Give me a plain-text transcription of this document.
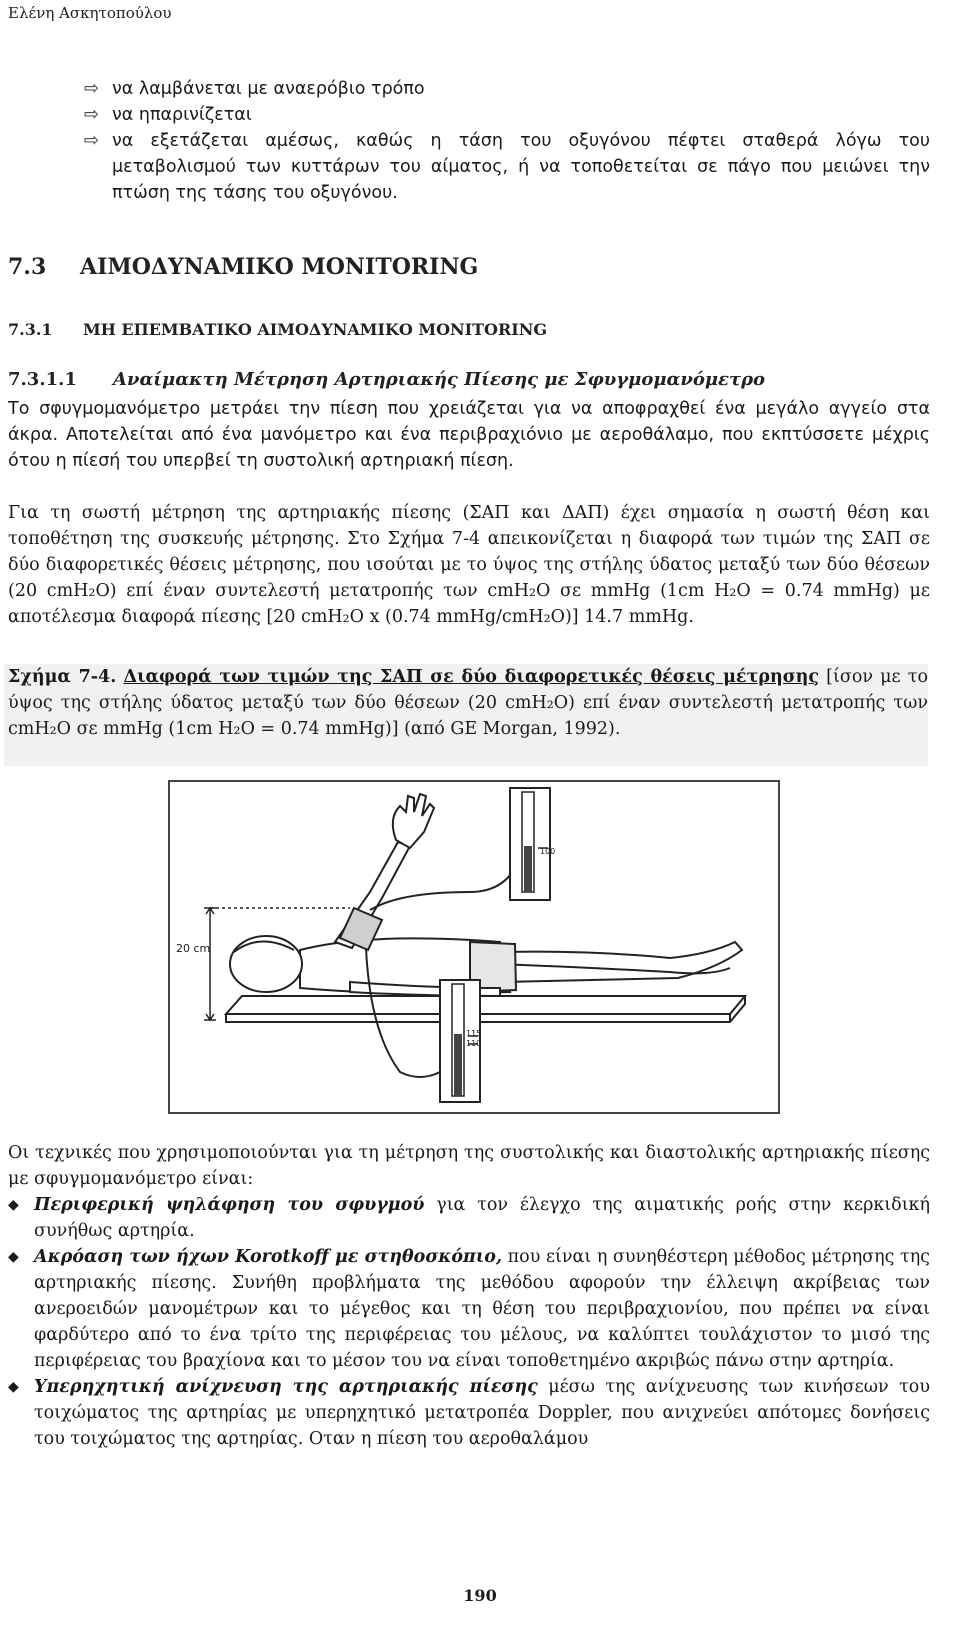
Ελένη Ασκητοπούλου
⇨ να λαμβάνεται με αναερόβιο τρόπο
⇨ να ηπαρινίζεται
⇨ να εξετάζεται αμέσως, καθώς η τάση του οξυγόνου πέφτει σταθερά λόγω του μεταβολισμού των κυττάρων του αίματος, ή να τοποθετείται σε πάγο που μειώνει την πτώση της τάσης του οξυγόνου.
7.3 ΑΙΜΟΔΥΝΑΜΙΚΟ MONITORING
7.3.1 ΜΗ ΕΠΕΜΒΑΤΙΚΟ ΑΙΜΟΔΥΝΑΜΙΚΟ MONITORING
7.3.1.1 Αναίμακτη Μέτρηση Αρτηριακής Πίεσης με Σφυγμομανόμετρο

Το σφυγμομανόμετρο μετράει την πίεση που χρειάζεται για να αποφραχθεί ένα μεγάλο αγγείο στα άκρα. Αποτελείται από ένα μανόμετρο και ένα περιβραχιόνιο με αεροθάλαμο, που εκπτύσσετε μέχρις ότου η πίεσή του υπερβεί τη συστολική αρτηριακή πίεση.

Για τη σωστή μέτρηση της αρτηριακής πίεσης (ΣΑΠ και ΔΑΠ) έχει σημασία η σωστή θέση και τοποθέτηση της συσκευής μέτρησης. Στο Σχήμα 7-4 απεικονίζεται η διαφορά των τιμών της ΣΑΠ σε δύο διαφορετικές θέσεις μέτρησης, που ισούται με το ύψος της στήλης ύδατος μεταξύ των δύο θέσεων (20 cmH₂O) επί έναν συντελεστή μετατροπής των cmH₂O σε mmHg (1cm H₂O = 0.74 mmHg) με αποτέλεσμα διαφορά πίεσης [20 cmH₂O x (0.74 mmHg/cmH₂O)] 14.7 mmHg.

Σχήμα 7-4. Διαφορά των τιμών της ΣΑΠ σε δύο διαφορετικές θέσεις μέτρησης [ίσον με το ύψος της στήλης ύδατος μεταξύ των δύο θέσεων (20 cmH₂O) επί έναν συντελεστή μετατροπής των cmH₂O σε mmHg (1cm H₂O = 0.74 mmHg)] (από GE Morgan, 1992).
100
115
110
20 cm

Οι τεχνικές που χρησιμοποιούνται για τη μέτρηση της συστολικής και διαστολικής αρτηριακής πίεσης με σφυγμομανόμετρο είναι:

◆ Περιφερική ψηλάφηση του σφυγμού για τον έλεγχο της αιματικής ροής στην κερκιδική συνήθως αρτηρία.
◆ Ακρόαση των ήχων Korotkoff με στηθοσκόπιο, που είναι η συνηθέστερη μέθοδος μέτρησης της αρτηριακής πίεσης. Συνήθη προβλήματα της μεθόδου αφορούν την έλλειψη ακρίβειας των ανεροειδών μανομέτρων και το μέγεθος και τη θέση του περιβραχιονίου, που πρέπει να είναι φαρδύτερο από το ένα τρίτο της περιφέρειας του μέλους, να καλύπτει τουλάχιστον το μισό της περιφέρειας του βραχίονα και το μέσον του να είναι τοποθετημένο ακριβώς πάνω στην αρτηρία.
◆ Υπερηχητική ανίχνευση της αρτηριακής πίεσης μέσω της ανίχνευσης των κινήσεων του τοιχώματος της αρτηρίας με υπερηχητικό μετατροπέα Doppler, που ανιχνεύει απότομες δονήσεις του τοιχώματος της αρτηρίας. Οταν η πίεση του αεροθαλάμου
190
